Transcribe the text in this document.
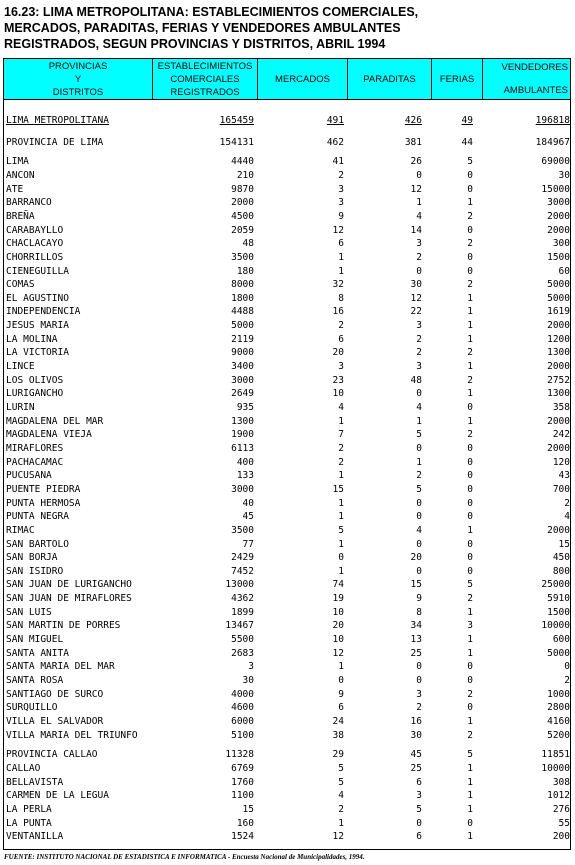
16.23: LIMA METROPOLITANA: ESTABLECIMIENTOS COMERCIALES,
MERCADOS, PARADITAS, FERIAS Y VENDEDORES AMBULANTES
REGISTRADOS, SEGUN PROVINCIAS Y DISTRITOS, ABRIL 1994
PROVINCIAS
Y
DISTRITOS
ESTABLECIMIENTOS
COMERCIALES
REGISTRADOS
MERCADOS	PARADITAS	FERIAS
VENDEDORES
AMBULANTES
LIMA METROPOLITANA	165459	491	426	49	196818
PROVINCIA DE LIMA	154131	462	381	44	184967
LIMA	4440	41	26	5	69000
ANCON	210	2	0	0	30
ATE	9870	3	12	0	15000
BARRANCO	2000	3	1	1	3000
BREÑA	4500	9	4	2	2000
CARABAYLLO	2059	12	14	0	2000
CHACLACAYO	48	6	3	2	300
CHORRILLOS	3500	1	2	0	1500
CIENEGUILLA	180	1	0	0	60
COMAS	8000	32	30	2	5000
EL AGUSTINO	1800	8	12	1	5000
INDEPENDENCIA	4488	16	22	1	1619
JESUS MARIA	5000	2	3	1	2000
LA MOLINA	2119	6	2	1	1200
LA VICTORIA	9000	20	2	2	1300
LINCE	3400	3	3	1	2000
LOS OLIVOS	3000	23	48	2	2752
LURIGANCHO	2649	10	0	1	1300
LURIN	935	4	4	0	358
MAGDALENA DEL MAR	1300	1	1	1	2000
MAGDALENA VIEJA	1900	7	5	2	242
MIRAFLORES	6113	2	0	0	2000
PACHACAMAC	400	2	1	0	120
PUCUSANA	133	1	2	0	43
PUENTE PIEDRA	3000	15	5	0	700
PUNTA HERMOSA	40	1	0	0	2
PUNTA NEGRA	45	1	0	0	4
RIMAC	3500	5	4	1	2000
SAN BARTOLO	77	1	0	0	15
SAN BORJA	2429	0	20	0	450
SAN ISIDRO	7452	1	0	0	800
SAN JUAN DE LURIGANCHO	13000	74	15	5	25000
SAN JUAN DE MIRAFLORES	4362	19	9	2	5910
SAN LUIS	1899	10	8	1	1500
SAN MARTIN DE PORRES	13467	20	34	3	10000
SAN MIGUEL	5500	10	13	1	600
SANTA ANITA	2683	12	25	1	5000
SANTA MARIA DEL MAR	3	1	0	0	0
SANTA ROSA	30	0	0	0	2
SANTIAGO DE SURCO	4000	9	3	2	1000
SURQUILLO	4600	6	2	0	2800
VILLA EL SALVADOR	6000	24	16	1	4160
VILLA MARIA DEL TRIUNFO	5100	38	30	2	5200
PROVINCIA CALLAO	11328	29	45	5	11851
CALLAO	6769	5	25	1	10000
BELLAVISTA	1760	5	6	1	308
CARMEN DE LA LEGUA	1100	4	3	1	1012
LA PERLA	15	2	5	1	276
LA PUNTA	160	1	0	0	55
VENTANILLA	1524	12	6	1	200
FUENTE: INSTITUTO NACIONAL DE ESTADISTICA E INFORMATICA - Encuesta Nacional de Municipalidades, 1994.
